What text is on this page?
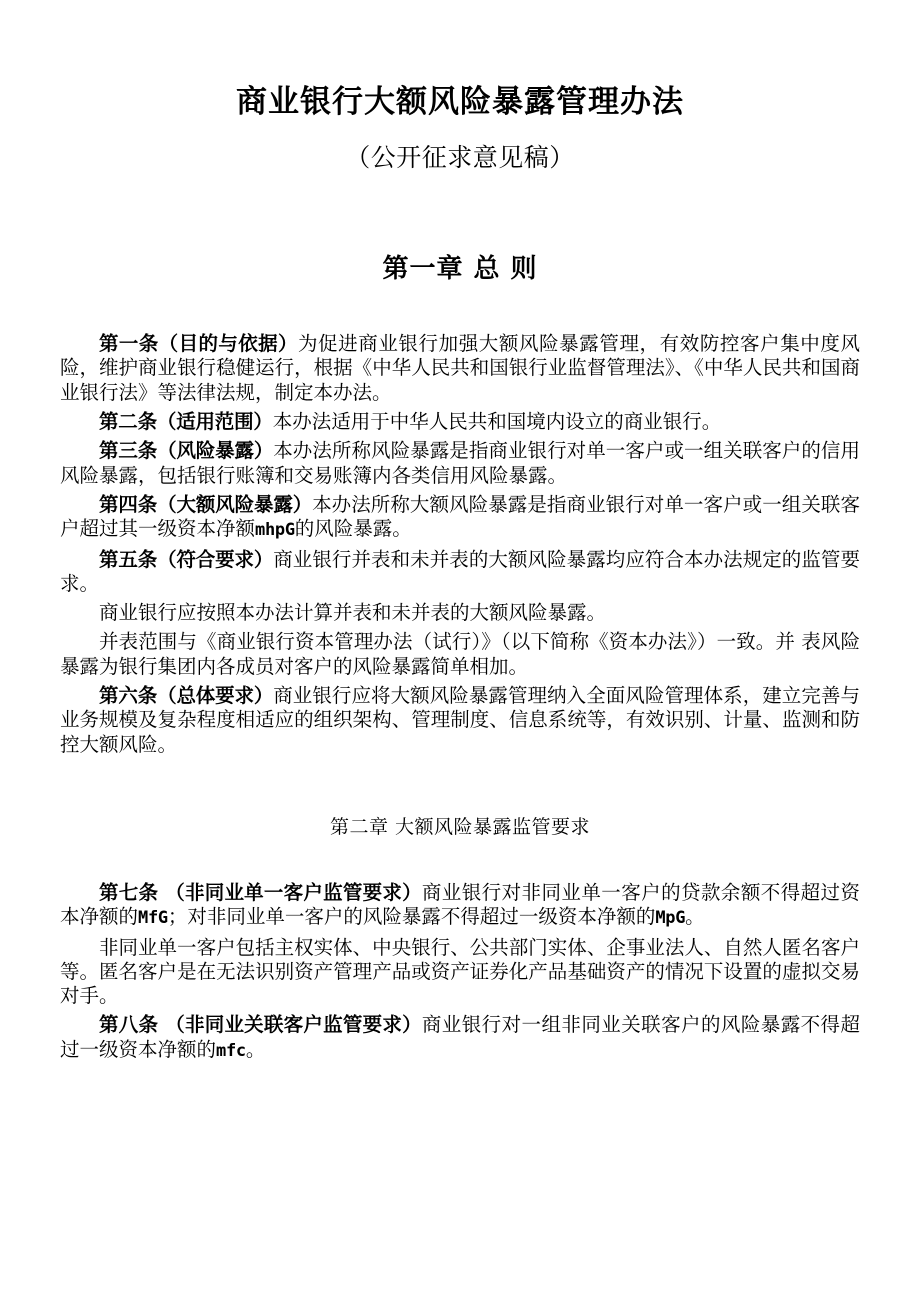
商业银行大额风险暴露管理办法
（公开征求意见稿）
第一章 总 则

第一条（目的与依据）为促进商业银行加强大额风险暴露管理，有效防控客户集中度风险，维护商业银行稳健运行，根据《中华人民共和国银行业监督管理法》、《中华人民共和国商业银行法》等法律法规，制定本办法。

第二条（适用范围）本办法适用于中华人民共和国境内设立的商业银行。

第三条（风险暴露）本办法所称风险暴露是指商业银行对单一客户或一组关联客户的信用风险暴露，包括银行账簿和交易账簿内各类信用风险暴露。

第四条（大额风险暴露）本办法所称大额风险暴露是指商业银行对单一客户或一组关联客户超过其一级资本净额mhpG的风险暴露。

第五条（符合要求）商业银行并表和未并表的大额风险暴露均应符合本办法规定的监管要求。

商业银行应按照本办法计算并表和未并表的大额风险暴露。

并表范围与《商业银行资本管理办法（试行）》（以下简称《资本办法》）一致。并 表风险暴露为银行集团内各成员对客户的风险暴露简单相加。

第六条（总体要求）商业银行应将大额风险暴露管理纳入全面风险管理体系，建立完善与业务规模及复杂程度相适应的组织架构、管理制度、信息系统等，有效识别、计量、监测和防控大额风险。

第二章 大额风险暴露监管要求

第七条 （非同业单一客户监管要求）商业银行对非同业单一客户的贷款余额不得超过资本净额的MfG；对非同业单一客户的风险暴露不得超过一级资本净额的MpG。

非同业单一客户包括主权实体、中央银行、公共部门实体、企事业法人、自然人匿名客户等。匿名客户是在无法识别资产管理产品或资产证券化产品基础资产的情况下设置的虚拟交易对手。

第八条 （非同业关联客户监管要求）商业银行对一组非同业关联客户的风险暴露不得超过一级资本净额的mfc。
